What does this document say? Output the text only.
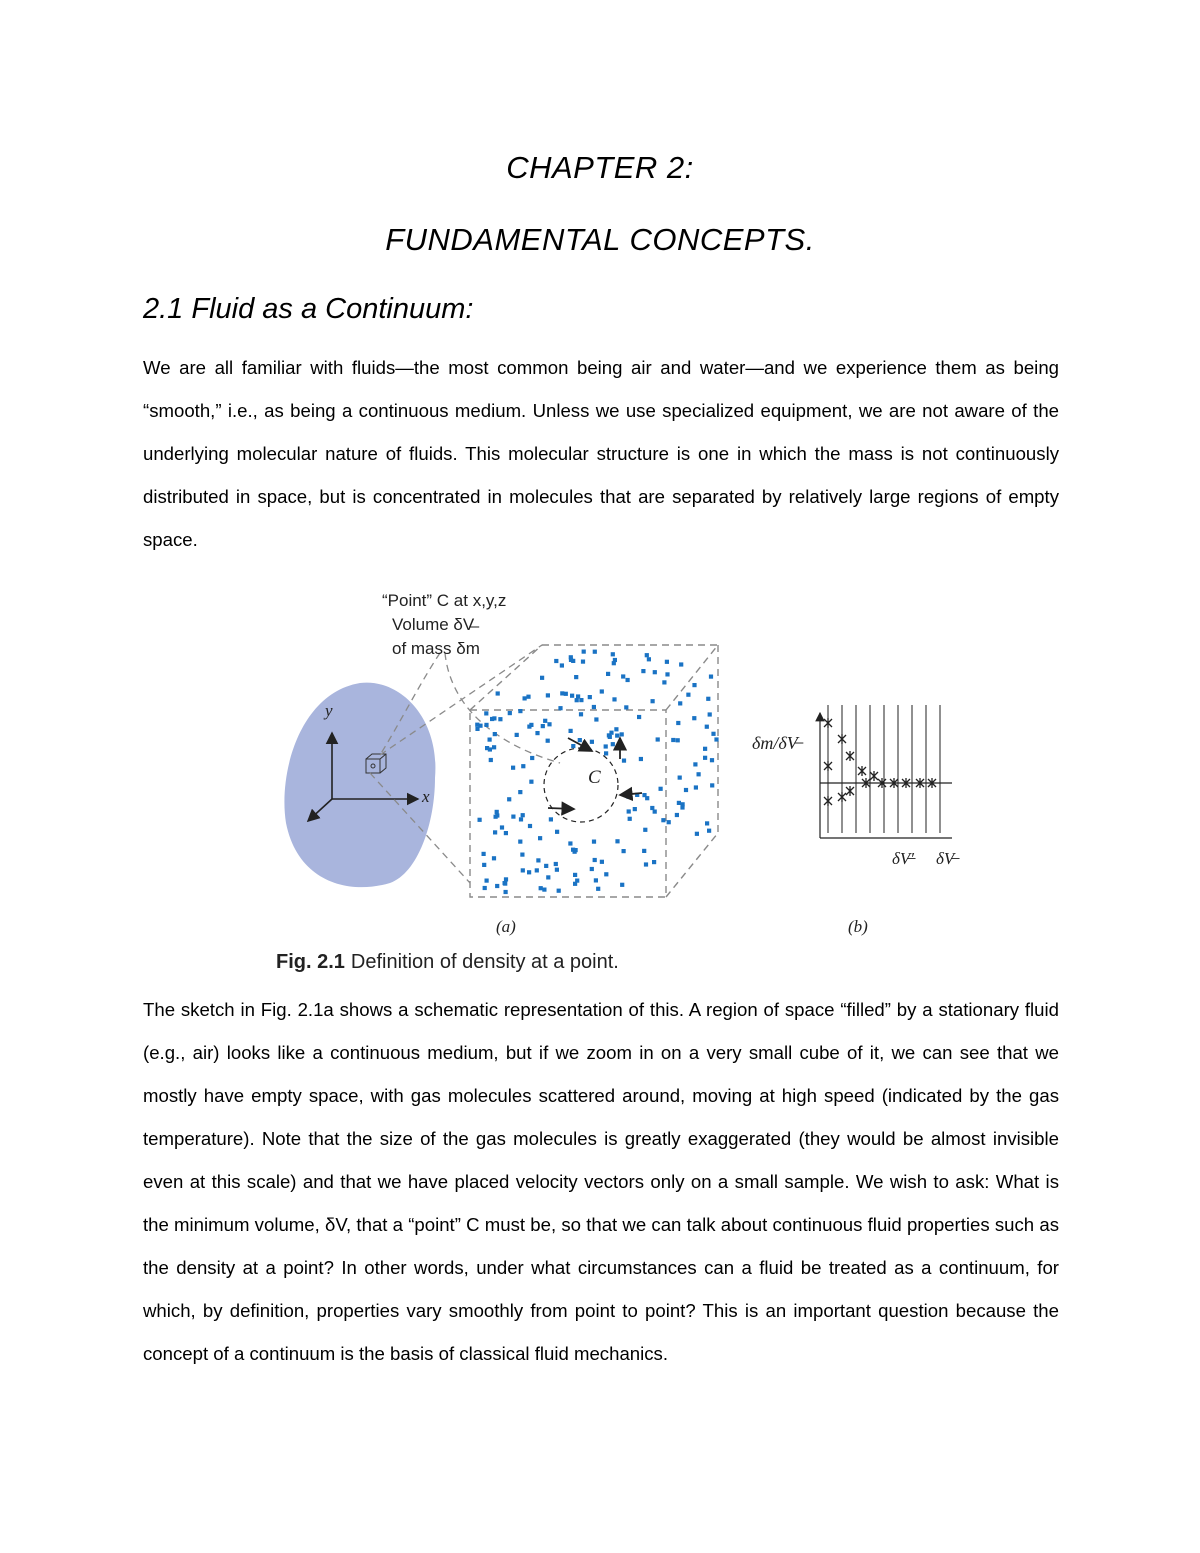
CHAPTER 2:
FUNDAMENTAL CONCEPTS.
2.1 Fluid as a Continuum:

We are all familiar with fluids—the most common being air and water—and we experience them as being “smooth,” i.e., as being a continuous medium. Unless we use specialized equipment, we are not aware of the underlying molecular nature of fluids. This molecular structure is one in which the mass is not continuously distributed in space, but is concentrated in molecules that are separated by relatively large regions of empty space.

“Point” C at x,y,z
Volume δV̶
of mass δm
y
x
C
δm/δV̶
δV̶′ δV̶
(a)	(b)
Fig. 2.1 Definition of density at a point.

The sketch in Fig. 2.1a shows a schematic representation of this. A region of space “filled” by a stationary fluid (e.g., air) looks like a continuous medium, but if we zoom in on a very small cube of it, we can see that we mostly have empty space, with gas molecules scattered around, moving at high speed (indicated by the gas temperature). Note that the size of the gas molecules is greatly exaggerated (they would be almost invisible even at this scale) and that we have placed velocity vectors only on a small sample. We wish to ask: What is the minimum volume, δV, that a “point” C must be, so that we can talk about continuous fluid properties such as the density at a point? In other words, under what circumstances can a fluid be treated as a continuum, for which, by definition, properties vary smoothly from point to point? This is an important question because the concept of a continuum is the basis of classical fluid mechanics.
